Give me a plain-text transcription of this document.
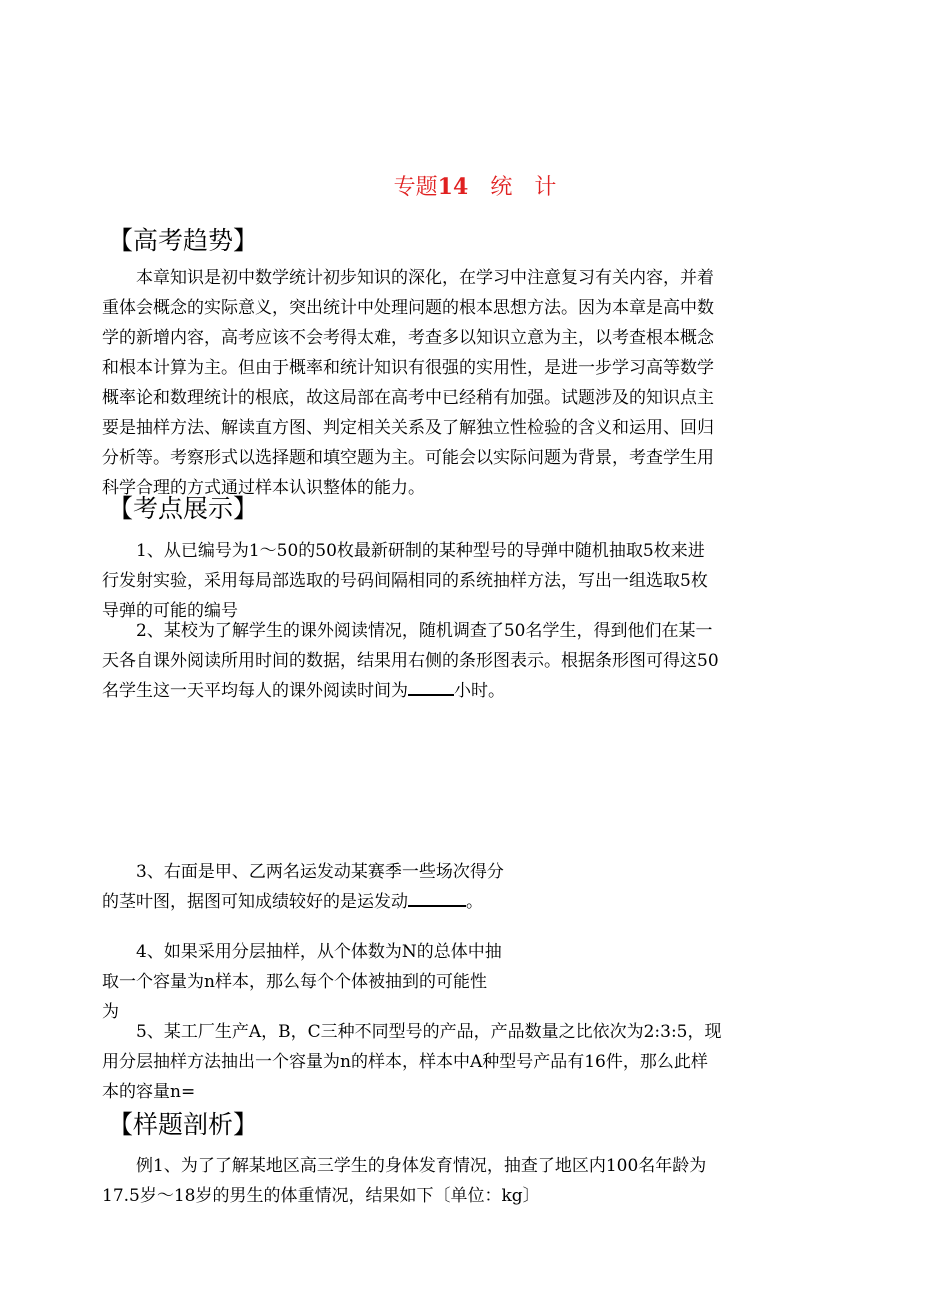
专题14　 统　计
【高考趋势】
　　本章知识是初中数学统计初步知识的深化，在学习中注意复习有关内容，并着
重体会概念的实际意义，突出统计中处理问题的根本思想方法。因为本章是高中数
学的新增内容，高考应该不会考得太难，考查多以知识立意为主，以考查根本概念
和根本计算为主。但由于概率和统计知识有很强的实用性，是进一步学习高等数学
概率论和数理统计的根底，故这局部在高考中已经稍有加强。试题涉及的知识点主
要是抽样方法、解读直方图、判定相关关系及了解独立性检验的含义和运用、回归
分析等。考察形式以选择题和填空题为主。可能会以实际问题为背景，考查学生用
科学合理的方式通过样本认识整体的能力。
【考点展示】
　　1、从已编号为1～50的50枚最新研制的某种型号的导弹中随机抽取5枚来进
行发射实验，采用每局部选取的号码间隔相同的系统抽样方法，写出一组选取5枚
导弹的可能的编号
　　2、某校为了解学生的课外阅读情况，随机调查了50名学生，得到他们在某一
天各自课外阅读所用时间的数据，结果用右侧的条形图表示。根据条形图可得这50
名学生这一天平均每人的课外阅读时间为	小时。
　　3、右面是甲、乙两名运发动某赛季一些场次得分
的茎叶图，据图可知成绩较好的是运发动	。
　　4、如果采用分层抽样，从个体数为N的总体中抽
取一个容量为n样本，那么每个个体被抽到的可能性
为
　　5、某工厂生产A，B，C三种不同型号的产品，产品数量之比依次为2:3:5，现
用分层抽样方法抽出一个容量为n的样本，样本中A种型号产品有16件，那么此样
本的容量n=
【样题剖析】
　　例1、为了了解某地区高三学生的身体发育情况，抽查了地区内100名年龄为
17.5岁～18岁的男生的体重情况，结果如下〔单位：kg〕
